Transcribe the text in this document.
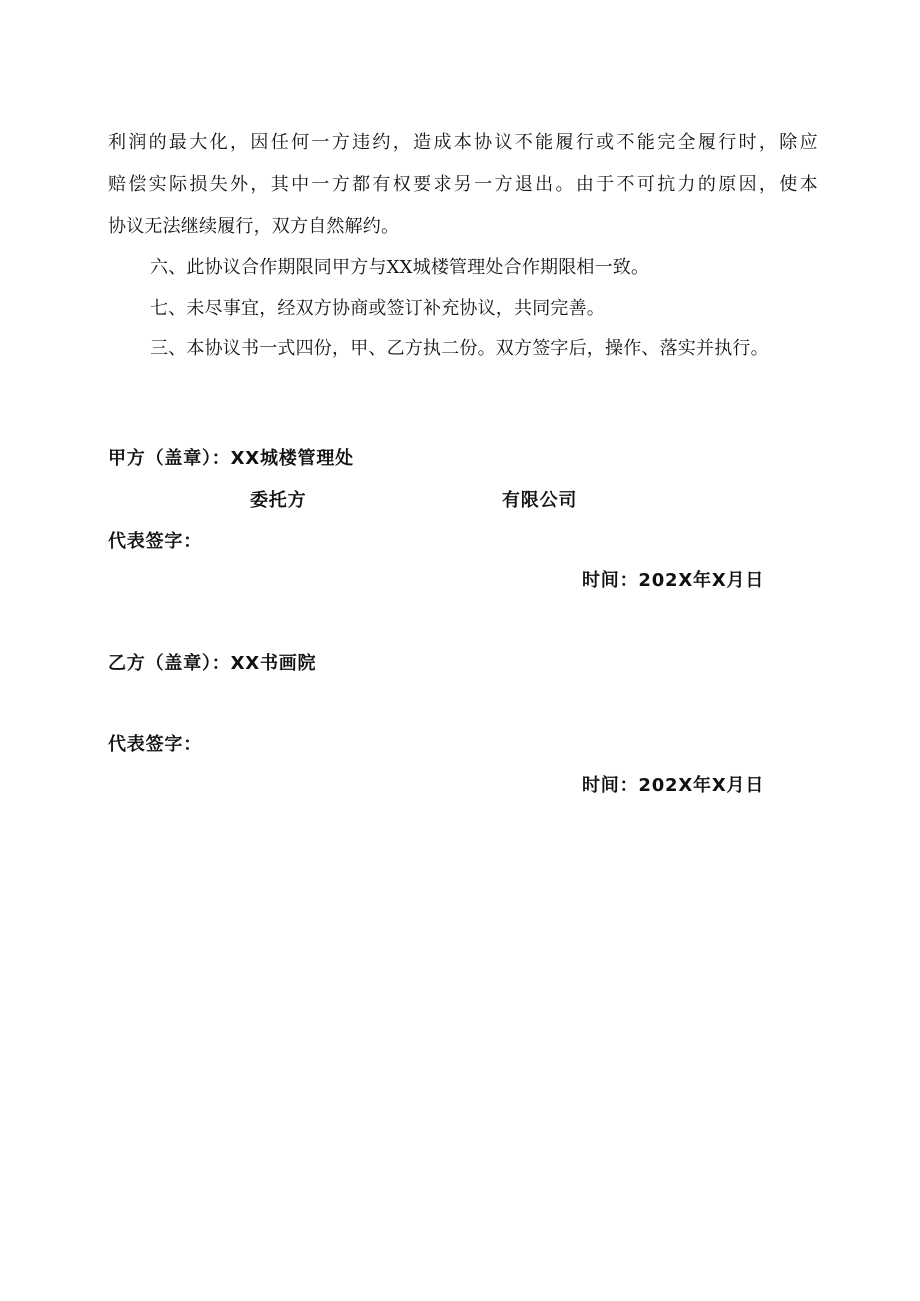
利润的最大化，因任何一方违约，造成本协议不能履行或不能完全履行时，除应
赔偿实际损失外，其中一方都有权要求另一方退出。由于不可抗力的原因，使本
协议无法继续履行，双方自然解约。
六、此协议合作期限同甲方与XX城楼管理处合作期限相一致。
七、未尽事宜，经双方协商或签订补充协议，共同完善。
三、本协议书一式四份，甲、乙方执二份。双方签字后，操作、落实并执行。
甲方（盖章）：XX城楼管理处
委托方	有限公司
代表签字：
时间：202X年X月日
乙方（盖章）：XX书画院
代表签字：
时间：202X年X月日
